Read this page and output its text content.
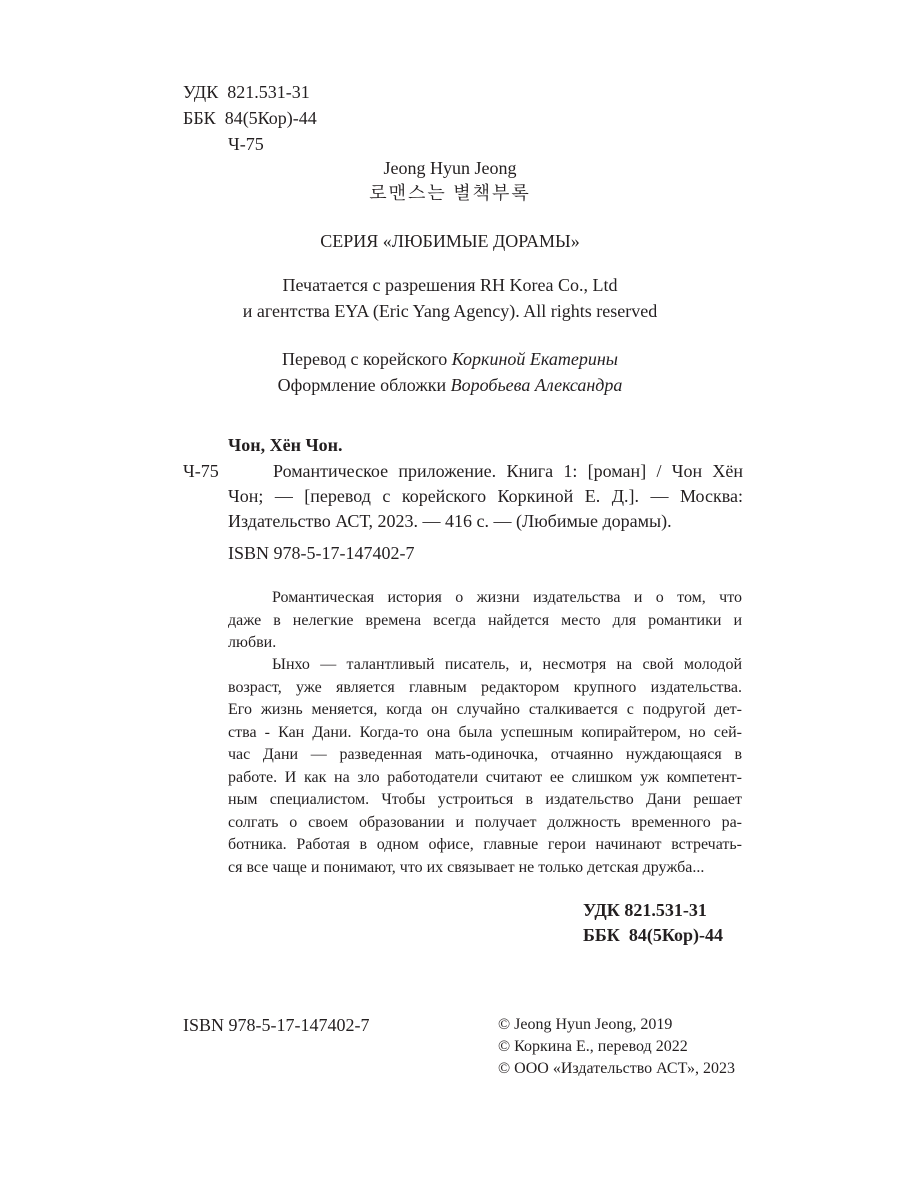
УДК 821.531-31
ББК 84(5Кор)-44
Ч-75
Jeong Hyun Jeong
로맨스는 별책부록
СЕРИЯ «ЛЮБИМЫЕ ДОРАМЫ»
Печатается с разрешения RH Korea Co., Ltd
и агентства EYA (Eric Yang Agency). All rights reserved
Перевод с корейского Коркиной Екатерины
Оформление обложки Воробьева Александра
Чон, Хён Чон.
Ч-75	Романтическое приложение. Книга 1: [роман] / Чон Хён
Чон; — [перевод с корейского Коркиной Е. Д.]. — Москва:
Издательство АСТ, 2023. — 416 с. — (Любимые дорамы).
ISBN 978-5-17-147402-7
Романтическая история о жизни издательства и о том, что
даже в нелегкие времена всегда найдется место для романтики и
любви.
Ынхо — талантливый писатель, и, несмотря на свой молодой
возраст, уже является главным редактором крупного издательства.
Его жизнь меняется, когда он случайно сталкивается с подругой дет-
ства - Кан Дани. Когда-то она была успешным копирайтером, но сей-
час Дани — разведенная мать-одиночка, отчаянно нуждающаяся в
работе. И как на зло работодатели считают ее слишком уж компетент-
ным специалистом. Чтобы устроиться в издательство Дани решает
солгать о своем образовании и получает должность временного ра-
ботника. Работая в одном офисе, главные герои начинают встречать-
ся все чаще и понимают, что их связывает не только детская дружба...
УДК 821.531-31
ББК  84(5Кор)-44
ISBN 978-5-17-147402-7	© Jeong Hyun Jeong, 2019
© Коркина Е., перевод 2022
© ООО «Издательство АСТ», 2023
